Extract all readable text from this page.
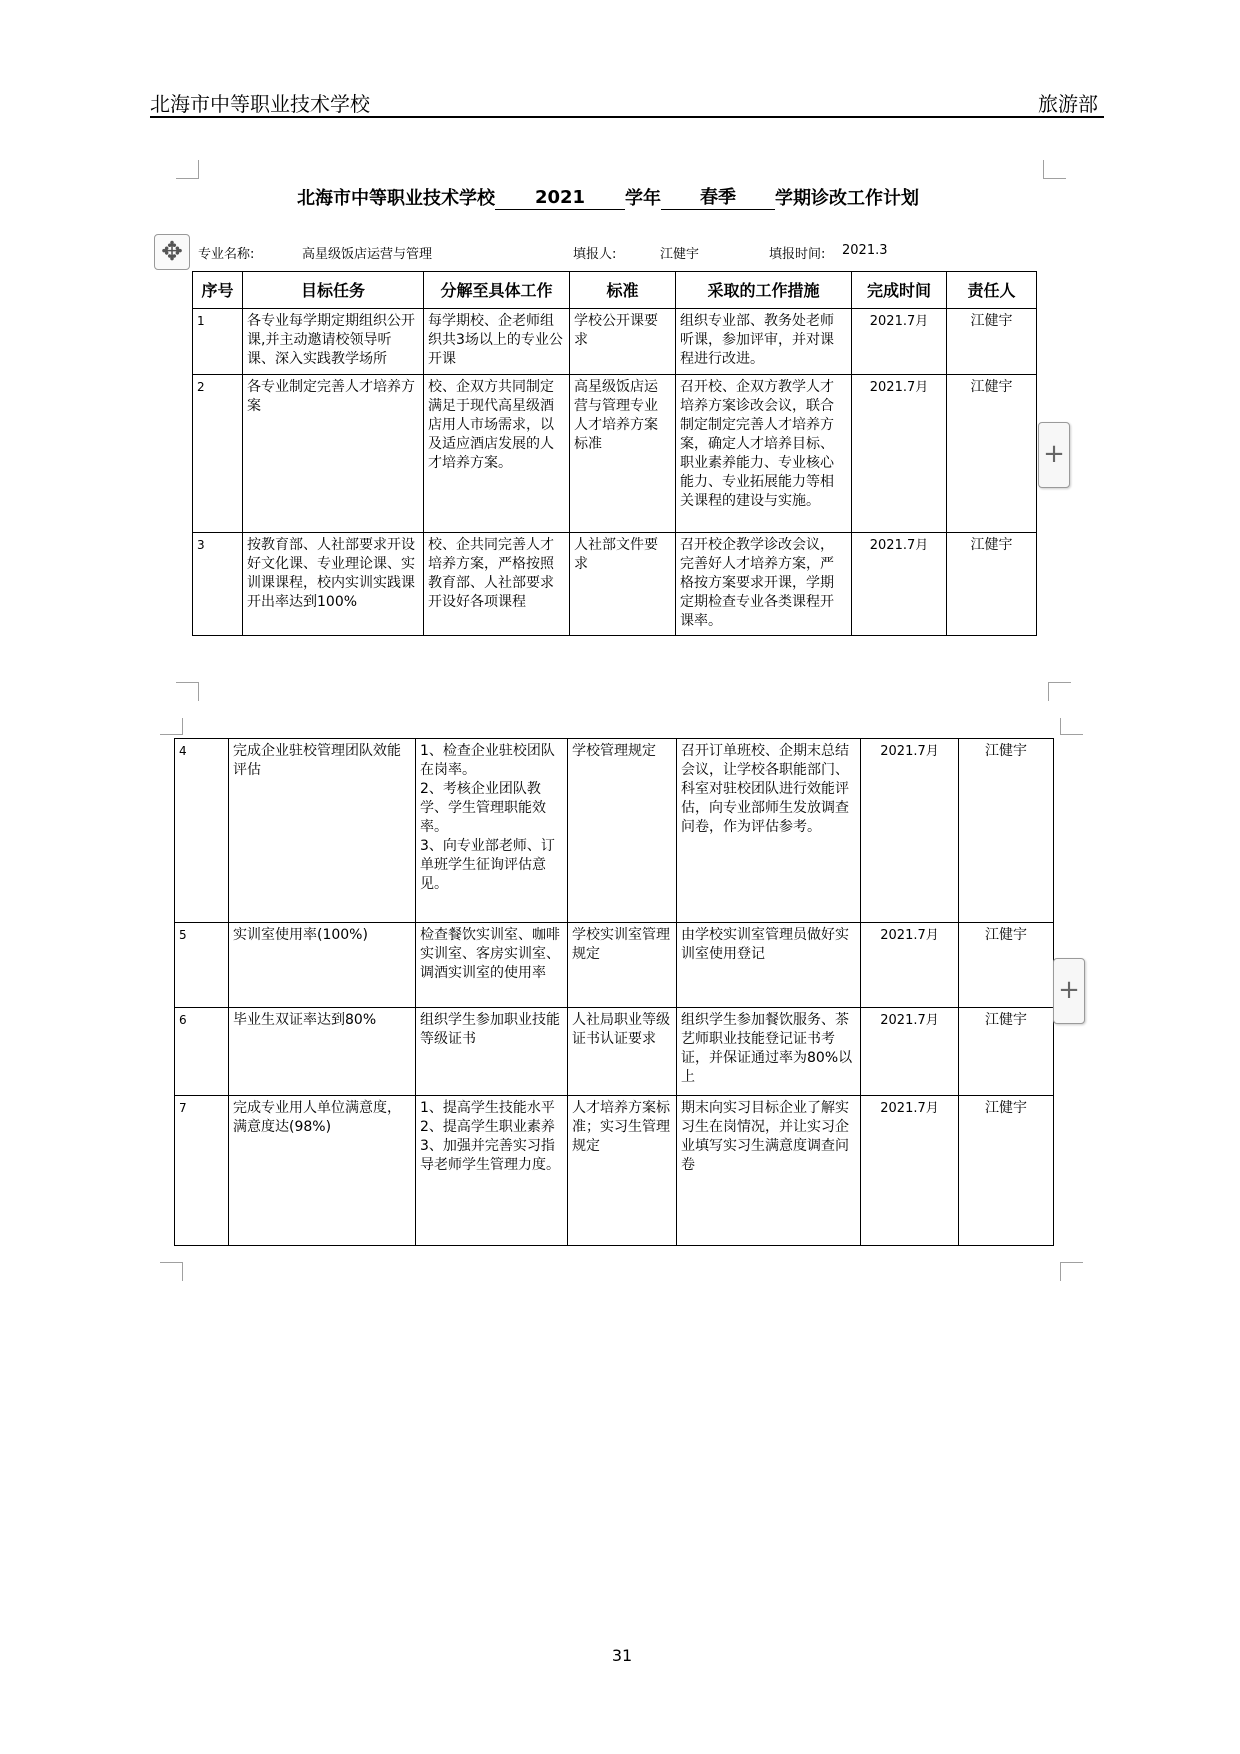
北海市中等职业技术学校	旅游部
北海市中等职业技术学校 2021 学年 春季 学期诊改工作计划
✥	专业名称:	高星级饭店运营与管理	填报人:	江健宇	填报时间: 2021.3
序号	目标任务	分解至具体工作	标准	采取的工作措施	完成时间	责任人
1	各专业每学期定期组织公开课,并主动邀请校领导听课、深入实践教学场所	每学期校、企老师组织共3场以上的专业公开课	学校公开课要求	组织专业部、教务处老师听课，参加评审，并对课程进行改进。	2021.7月	江健宇
2	各专业制定完善人才培养方案	校、企双方共同制定满足于现代高星级酒店用人市场需求，以及适应酒店发展的人才培养方案。	高星级饭店运营与管理专业人才培养方案标准	召开校、企双方教学人才培养方案诊改会议，联合制定制定完善人才培养方案，确定人才培养目标、职业素养能力、专业核心能力、专业拓展能力等相关课程的建设与实施。	2021.7月	江健宇
3	按教育部、人社部要求开设好文化课、专业理论课、实训课课程，校内实训实践课开出率达到100%	校、企共同完善人才培养方案，严格按照教育部、人社部要求开设好各项课程	人社部文件要求	召开校企教学诊改会议，完善好人才培养方案，严格按方案要求开课，学期定期检查专业各类课程开课率。	2021.7月	江健宇
+
4	完成企业驻校管理团队效能评估	1、检查企业驻校团队在岗率。
2、考核企业团队教学、学生管理职能效率。
3、向专业部老师、订单班学生征询评估意见。	学校管理规定	召开订单班校、企期末总结会议，让学校各职能部门、科室对驻校团队进行效能评估，向专业部师生发放调查问卷，作为评估参考。	2021.7月	江健宇
5	实训室使用率(100%)	检查餐饮实训室、咖啡实训室、客房实训室、调酒实训室的使用率	学校实训室管理规定	由学校实训室管理员做好实训室使用登记	2021.7月	江健宇
6	毕业生双证率达到80%	组织学生参加职业技能等级证书	人社局职业等级证书认证要求	组织学生参加餐饮服务、茶艺师职业技能登记证书考证，并保证通过率为80%以上	2021.7月	江健宇
7	完成专业用人单位满意度，满意度达(98%)	1、提高学生技能水平
2、提高学生职业素养
3、加强并完善实习指导老师学生管理力度。	人才培养方案标准；实习生管理规定	期末向实习目标企业了解实习生在岗情况，并让实习企业填写实习生满意度调查问卷	2021.7月	江健宇
+
31
